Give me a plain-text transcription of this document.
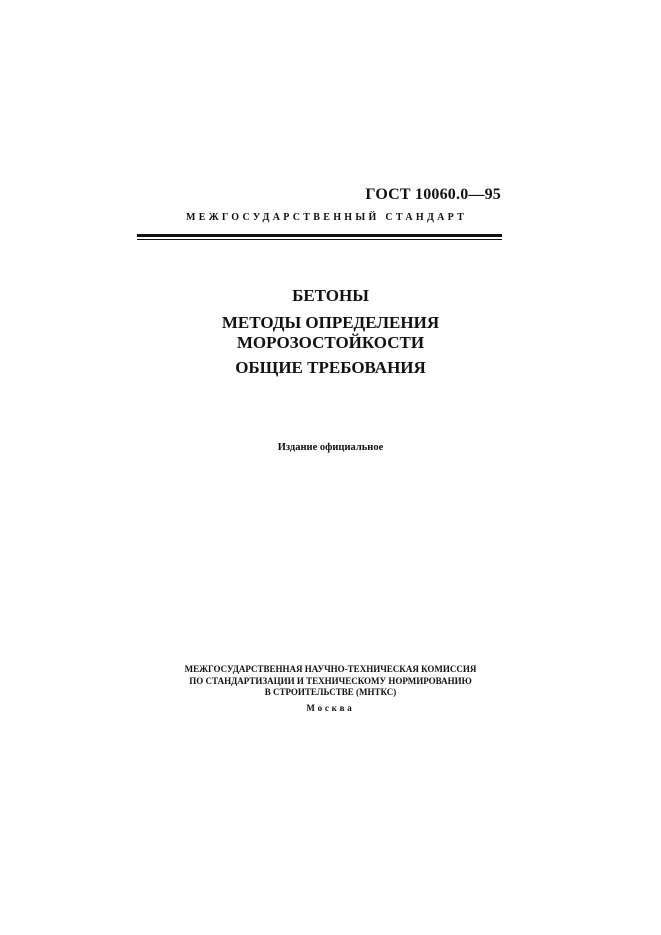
ГОСТ 10060.0—95
МЕЖГОСУДАРСТВЕННЫЙ СТАНДАРТ
БЕТОНЫ
МЕТОДЫ ОПРЕДЕЛЕНИЯ
МОРОЗОСТОЙКОСТИ
ОБЩИЕ ТРЕБОВАНИЯ
Издание официальное
МЕЖГОСУДАРСТВЕННАЯ НАУЧНО-ТЕХНИЧЕСКАЯ КОМИССИЯ
ПО СТАНДАРТИЗАЦИИ И ТЕХНИЧЕСКОМУ НОРМИРОВАНИЮ
В СТРОИТЕЛЬСТВЕ (МНТКС)
Москва
